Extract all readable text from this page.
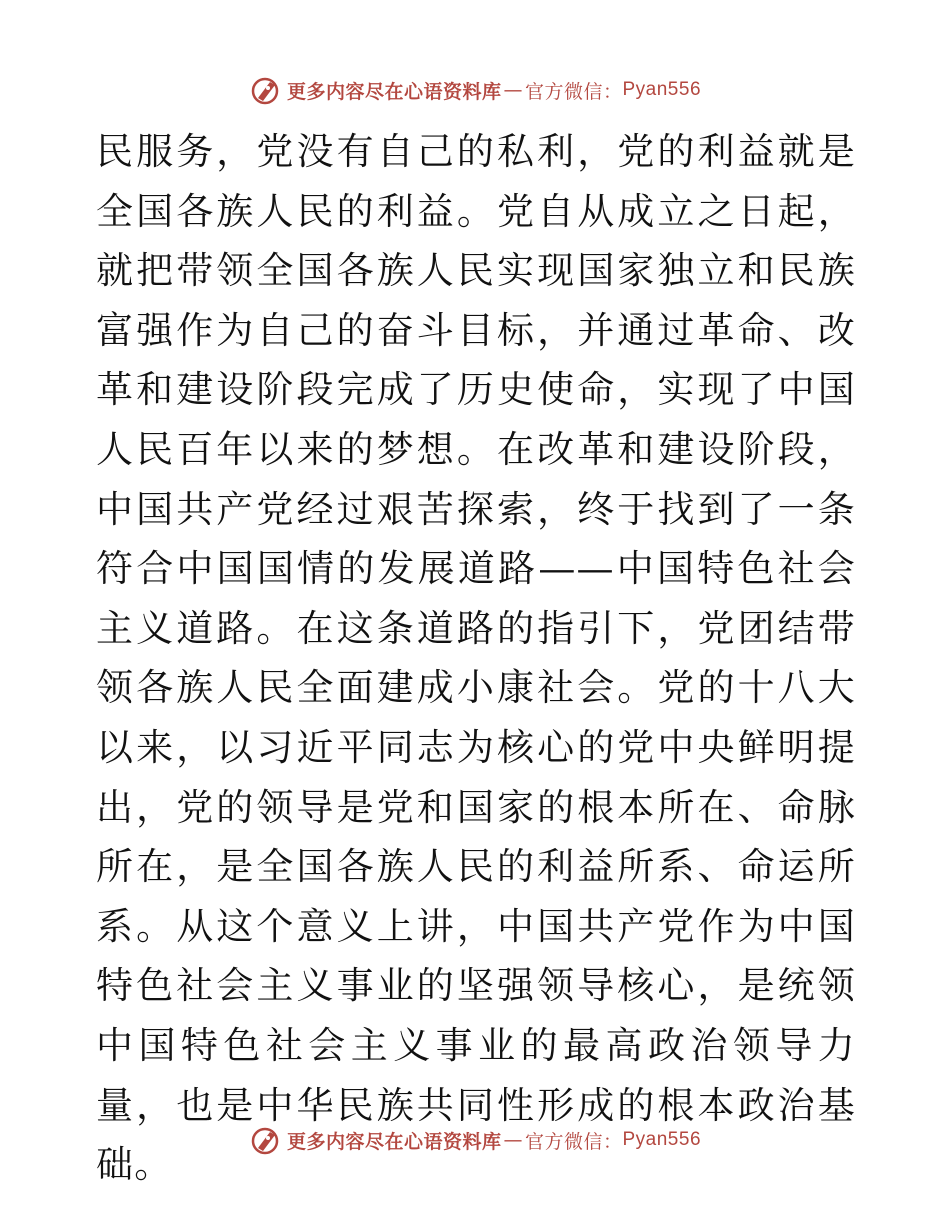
更多内容尽在心语资料库 — 官方微信： Pyan556

民服务，党没有自己的私利，党的利益就是全国各族人民的利益。党自从成立之日起，就把带领全国各族人民实现国家独立和民族富强作为自己的奋斗目标，并通过革命、改革和建设阶段完成了历史使命，实现了中国人民百年以来的梦想。在改革和建设阶段，中国共产党经过艰苦探索，终于找到了一条符合中国国情的发展道路——中国特色社会主义道路。在这条道路的指引下，党团结带领各族人民全面建成小康社会。党的十八大以来，以习近平同志为核心的党中央鲜明提出，党的领导是党和国家的根本所在、命脉所在，是全国各族人民的利益所系、命运所系。从这个意义上讲，中国共产党作为中国特色社会主义事业的坚强领导核心，是统领中国特色社会主义事业的最高政治领导力量，也是中华民族共同性形成的根本政治基础。

更多内容尽在心语资料库 — 官方微信： Pyan556
